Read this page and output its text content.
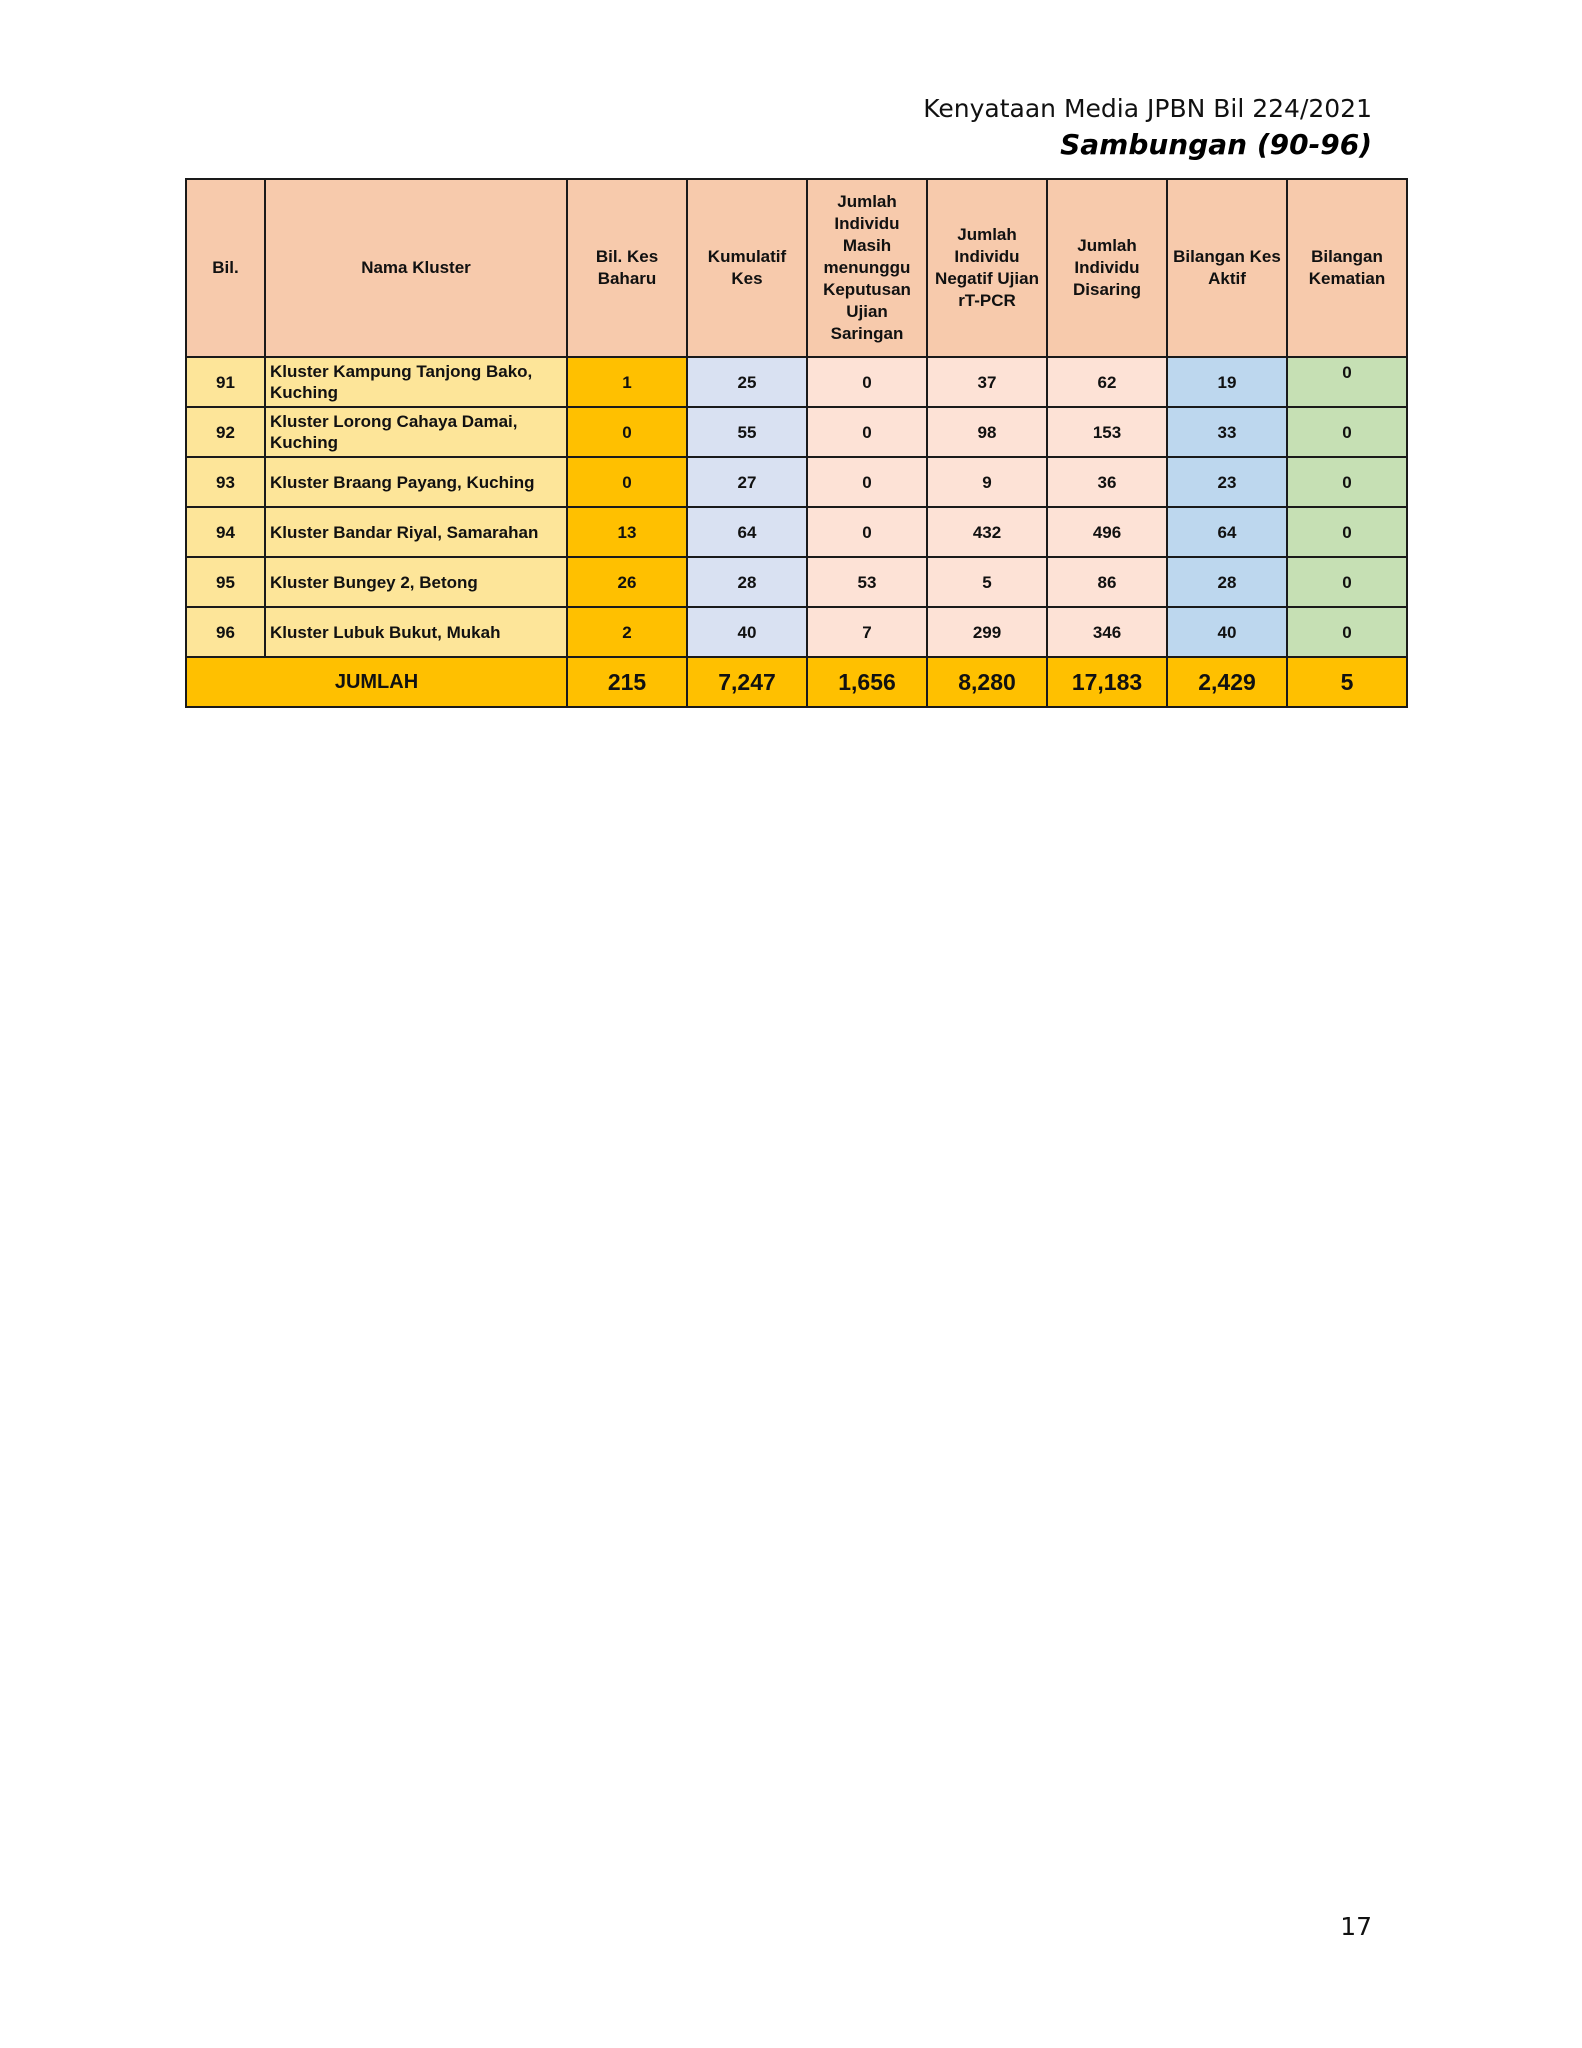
Kenyataan Media JPBN Bil 224/2021
Sambungan (90-96)
Bil.	Nama Kluster	Bil. Kes Baharu	Kumulatif Kes	Jumlah Individu Masih menunggu Keputusan Ujian Saringan	Jumlah Individu Negatif Ujian rT-PCR	Jumlah Individu Disaring	Bilangan Kes Aktif	Bilangan Kematian
91	Kluster Kampung Tanjong Bako, Kuching	1	25	0	37	62	19	0
92	Kluster Lorong Cahaya Damai, Kuching	0	55	0	98	153	33	0
93	Kluster Braang Payang, Kuching	0	27	0	9	36	23	0
94	Kluster Bandar Riyal, Samarahan	13	64	0	432	496	64	0
95	Kluster Bungey 2, Betong	26	28	53	5	86	28	0
96	Kluster Lubuk Bukut, Mukah	2	40	7	299	346	40	0
JUMLAH		215	7,247	1,656	8,280	17,183	2,429	5
17
